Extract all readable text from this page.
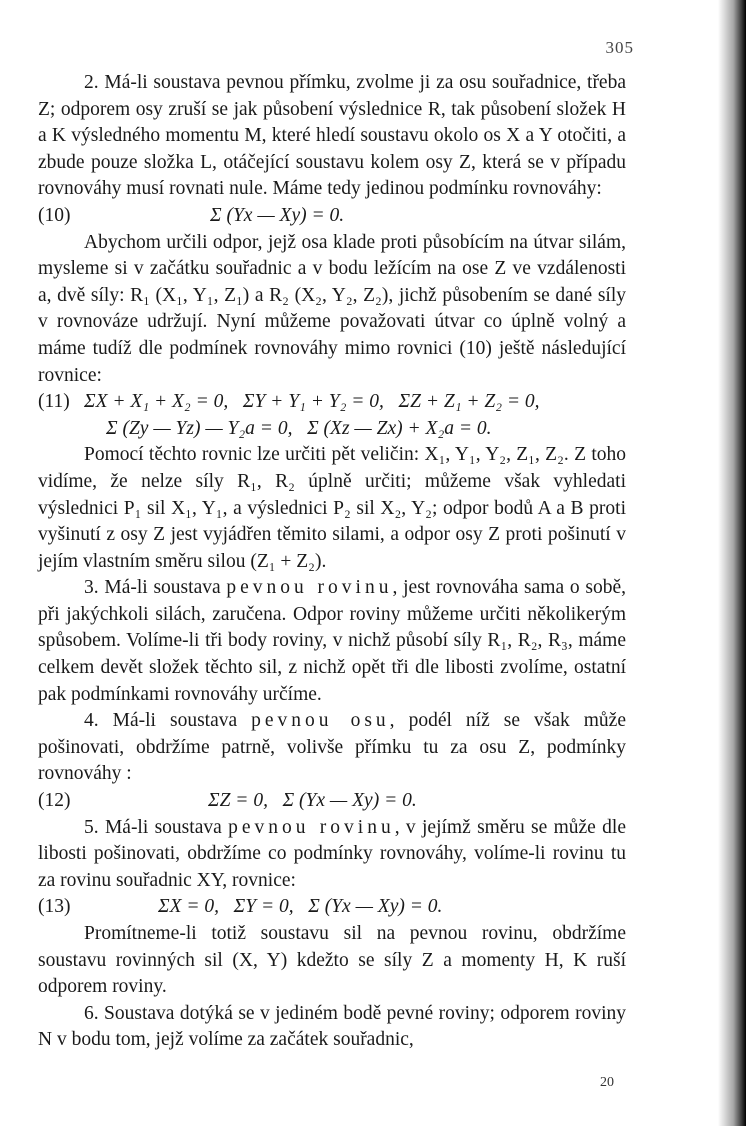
305

2. Má-li soustava pevnou přímku, zvolme ji za osu souřadnice, třeba Z; odporem osy zruší se jak působení výslednice R, tak působení složek H a K výsledného momentu M, které hledí soustavu okolo os X a Y otočiti, a zbude pouze složka L, otáčející soustavu kolem osy Z, která se v případu rovnováhy musí rovnati nule. Máme tedy jedinou podmínku rovnováhy:

(10)	Σ (Yx — Xy) = 0.

Abychom určili odpor, jejž osa klade proti působícím na útvar silám, mysleme si v začátku souřadnic a v bodu ležícím na ose Z ve vzdálenosti a, dvě síly: R₁ (X₁, Y₁, Z₁) a R₂ (X₂, Y₂, Z₂), jichž působením se dané síly v rovnováze udržují. Nyní můžeme považovati útvar co úplně volný a máme tudíž dle podmínek rovnováhy mimo rovnici (10) ještě následující rovnice:

(11) ΣX + X₁ + X₂ = 0,   ΣY + Y₁ + Y₂ = 0,   ΣZ + Z₁ + Z₂ = 0,
Σ (Zy — Yz) — Y₂a = 0,   Σ (Xz — Zx) + X₂a = 0.

Pomocí těchto rovnic lze určiti pět veličin: X₁, Y₁, Y₂, Z₁, Z₂. Z toho vidíme, že nelze síly R₁, R₂ úplně určiti; můžeme však vyhledati výslednici P₁ sil X₁, Y₁, a výslednici P₂ sil X₂, Y₂; odpor bodů A a B proti vyšinutí z osy Z jest vyjádřen těmito silami, a odpor osy Z proti pošinutí v jejím vlastním směru silou (Z₁ + Z₂).

3. Má-li soustava pevnou rovinu, jest rovnováha sama o sobě, při jakýchkoli silách, zaručena. Odpor roviny můžeme určiti několikerým spůsobem. Volíme-li tři body roviny, v nichž působí síly R₁, R₂, R₃, máme celkem devět složek těchto sil, z nichž opět tři dle libosti zvolíme, ostatní pak podmínkami rovnováhy určíme.

4. Má-li soustava pevnou osu, podél níž se však může pošinovati, obdržíme patrně, volivše přímku tu za osu Z, podmínky rovnováhy :

(12)	ΣZ = 0,   Σ (Yx — Xy) = 0.

5. Má-li soustava pevnou rovinu, v jejímž směru se může dle libosti pošinovati, obdržíme co podmínky rovnováhy, volíme-li rovinu tu za rovinu souřadnic XY, rovnice:

(13)	ΣX = 0,   ΣY = 0,   Σ (Yx — Xy) = 0.

Promítneme-li totiž soustavu sil na pevnou rovinu, obdržíme soustavu rovinných sil (X, Y) kdežto se síly Z a momenty H, K ruší odporem roviny.

6. Soustava dotýká se v jediném bodě pevné roviny; odporem roviny N v bodu tom, jejž volíme za začátek souřadnic,

20
